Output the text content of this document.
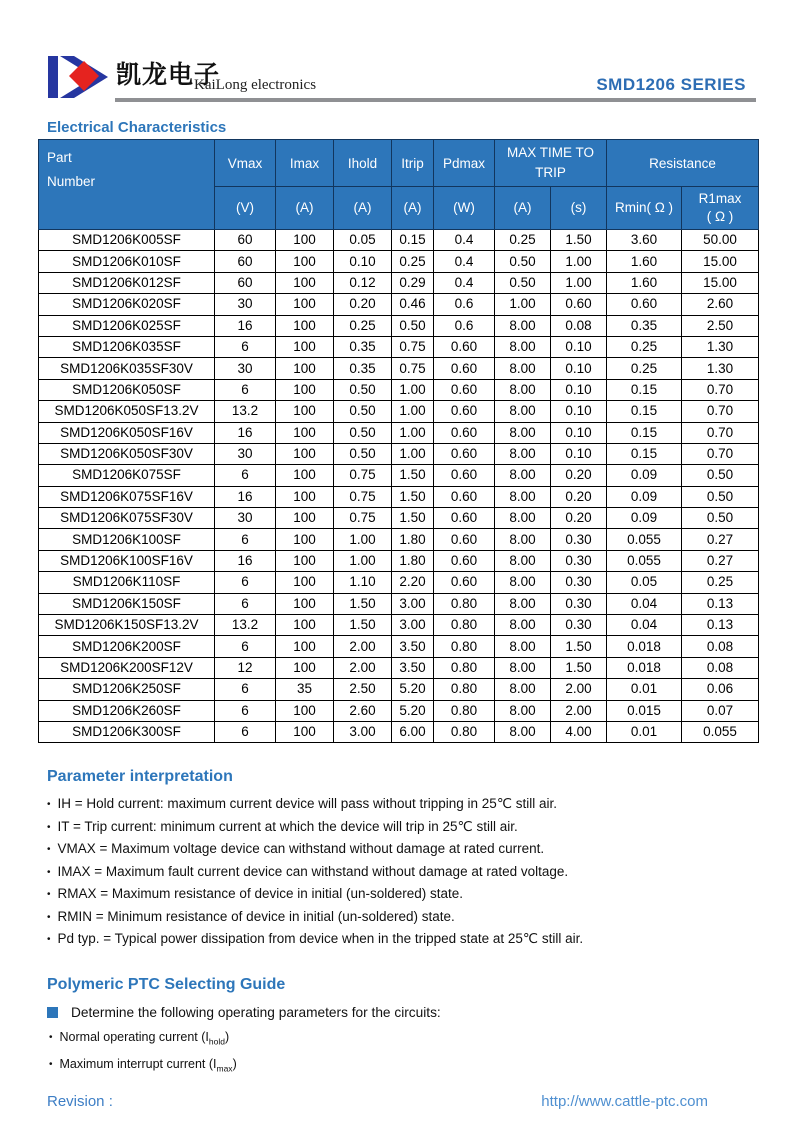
凯龙电子
KaiLong electronics	SMD1206 SERIES
Electrical Characteristics
Part
Number	Vmax	Imax	Ihold	Itrip	Pdmax	MAX TIME TO TRIP		Resistance	
	(V)	(A)	(A)	(A)	(W)	(A)	(s)	Rmin( Ω )	R1max
( Ω )
SMD1206K005SF	60	100	0.05	0.15	0.4	0.25	1.50	3.60	50.00
SMD1206K010SF	60	100	0.10	0.25	0.4	0.50	1.00	1.60	15.00
SMD1206K012SF	60	100	0.12	0.29	0.4	0.50	1.00	1.60	15.00
SMD1206K020SF	30	100	0.20	0.46	0.6	1.00	0.60	0.60	2.60
SMD1206K025SF	16	100	0.25	0.50	0.6	8.00	0.08	0.35	2.50
SMD1206K035SF	6	100	0.35	0.75	0.60	8.00	0.10	0.25	1.30
SMD1206K035SF30V	30	100	0.35	0.75	0.60	8.00	0.10	0.25	1.30
SMD1206K050SF	6	100	0.50	1.00	0.60	8.00	0.10	0.15	0.70
SMD1206K050SF13.2V	13.2	100	0.50	1.00	0.60	8.00	0.10	0.15	0.70
SMD1206K050SF16V	16	100	0.50	1.00	0.60	8.00	0.10	0.15	0.70
SMD1206K050SF30V	30	100	0.50	1.00	0.60	8.00	0.10	0.15	0.70
SMD1206K075SF	6	100	0.75	1.50	0.60	8.00	0.20	0.09	0.50
SMD1206K075SF16V	16	100	0.75	1.50	0.60	8.00	0.20	0.09	0.50
SMD1206K075SF30V	30	100	0.75	1.50	0.60	8.00	0.20	0.09	0.50
SMD1206K100SF	6	100	1.00	1.80	0.60	8.00	0.30	0.055	0.27
SMD1206K100SF16V	16	100	1.00	1.80	0.60	8.00	0.30	0.055	0.27
SMD1206K110SF	6	100	1.10	2.20	0.60	8.00	0.30	0.05	0.25
SMD1206K150SF	6	100	1.50	3.00	0.80	8.00	0.30	0.04	0.13
SMD1206K150SF13.2V	13.2	100	1.50	3.00	0.80	8.00	0.30	0.04	0.13
SMD1206K200SF	6	100	2.00	3.50	0.80	8.00	1.50	0.018	0.08
SMD1206K200SF12V	12	100	2.00	3.50	0.80	8.00	1.50	0.018	0.08
SMD1206K250SF	6	35	2.50	5.20	0.80	8.00	2.00	0.01	0.06
SMD1206K260SF	6	100	2.60	5.20	0.80	8.00	2.00	0.015	0.07
SMD1206K300SF	6	100	3.00	6.00	0.80	8.00	4.00	0.01	0.055
Parameter interpretation
• IH = Hold current: maximum current device will pass without tripping in 25℃ still air.
• IT = Trip current: minimum current at which the device will trip in 25℃ still air.
• VMAX = Maximum voltage device can withstand without damage at rated current.
• IMAX = Maximum fault current device can withstand without damage at rated voltage.
• RMAX = Maximum resistance of device in initial (un-soldered) state.
• RMIN = Minimum resistance of device in initial (un-soldered) state.
• Pd typ. = Typical power dissipation from device when in the tripped state at 25℃ still air.
Polymeric PTC Selecting Guide
Determine the following operating parameters for the circuits:
• Normal operating current $(I_{hold})$
• Maximum interrupt current $(I_{max})$
Revision :	http://www.cattle-ptc.com
